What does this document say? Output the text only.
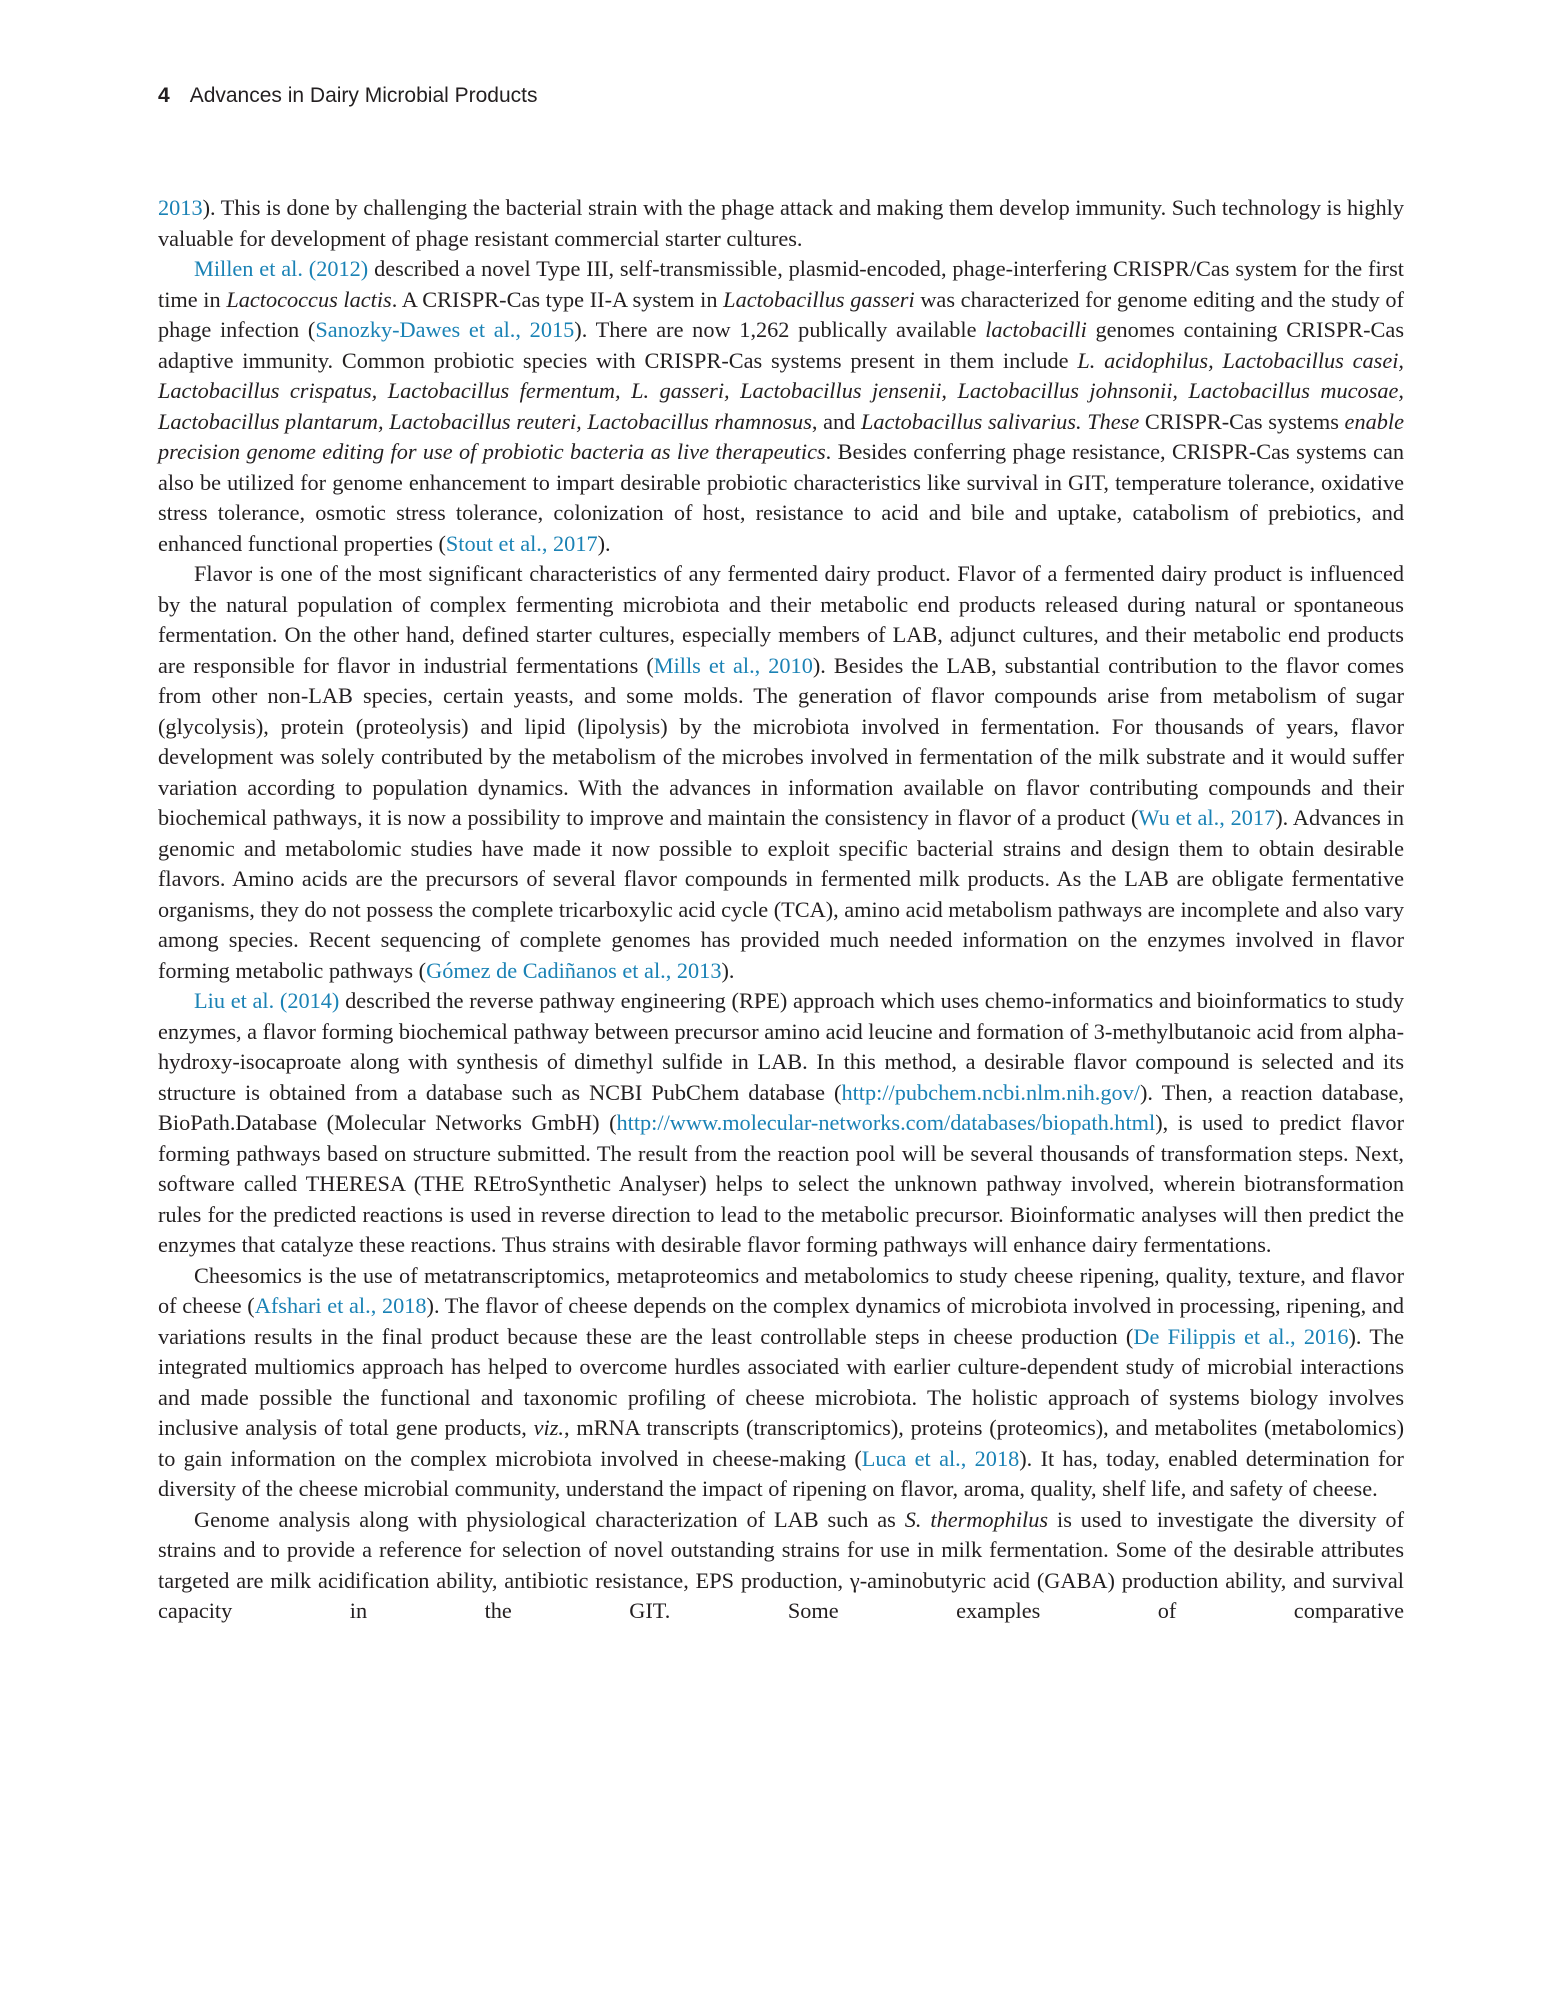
4 Advances in Dairy Microbial Products

2013). This is done by challenging the bacterial strain with the phage attack and making them develop immunity. Such technology is highly valuable for development of phage resistant commercial starter cultures.

Millen et al. (2012) described a novel Type III, self-transmissible, plasmid-encoded, phage-interfering CRISPR/Cas system for the first time in Lactococcus lactis. A CRISPR-Cas type II-A system in Lactobacillus gasseri was characterized for genome editing and the study of phage infection (Sanozky-Dawes et al., 2015). There are now 1,262 publically available lactobacilli genomes containing CRISPR-Cas adaptive immunity. Common probiotic species with CRISPR-Cas systems present in them include L. acidophilus, Lactobacillus casei, Lactobacillus crispatus, Lactobacillus fermentum, L. gasseri, Lactobacillus jensenii, Lactobacillus johnsonii, Lactobacillus mucosae, Lactobacillus plantarum, Lactobacillus reuteri, Lactobacillus rhamnosus, and Lactobacillus salivarius. These CRISPR-Cas systems enable precision genome editing for use of probiotic bacteria as live therapeutics. Besides conferring phage resistance, CRISPR-Cas systems can also be utilized for genome enhancement to impart desirable probiotic characteristics like survival in GIT, temperature tolerance, oxidative stress tolerance, osmotic stress tolerance, colonization of host, resistance to acid and bile and uptake, catabolism of prebiotics, and enhanced functional properties (Stout et al., 2017).

Flavor is one of the most significant characteristics of any fermented dairy product. Flavor of a fermented dairy product is influenced by the natural population of complex fermenting microbiota and their metabolic end products released during natural or spontaneous fermentation. On the other hand, defined starter cultures, especially members of LAB, adjunct cultures, and their metabolic end products are responsible for flavor in industrial fermentations (Mills et al., 2010). Besides the LAB, substantial contribution to the flavor comes from other non-LAB species, certain yeasts, and some molds. The generation of flavor compounds arise from metabolism of sugar (glycolysis), protein (proteolysis) and lipid (lipolysis) by the microbiota involved in fermentation. For thousands of years, flavor development was solely contributed by the metabolism of the microbes involved in fermentation of the milk substrate and it would suffer variation according to population dynamics. With the advances in information available on flavor contributing compounds and their biochemical pathways, it is now a possibility to improve and maintain the consistency in flavor of a product (Wu et al., 2017). Advances in genomic and metabolomic studies have made it now possible to exploit specific bacterial strains and design them to obtain desirable flavors. Amino acids are the precursors of several flavor compounds in fermented milk products. As the LAB are obligate fermentative organisms, they do not possess the complete tricarboxylic acid cycle (TCA), amino acid metabolism pathways are incomplete and also vary among species. Recent sequencing of complete genomes has provided much needed information on the enzymes involved in flavor forming metabolic pathways (Gómez de Cadiñanos et al., 2013).

Liu et al. (2014) described the reverse pathway engineering (RPE) approach which uses chemo-informatics and bioinformatics to study enzymes, a flavor forming biochemical pathway between precursor amino acid leucine and formation of 3-methylbutanoic acid from alpha-hydroxy-isocaproate along with synthesis of dimethyl sulfide in LAB. In this method, a desirable flavor compound is selected and its structure is obtained from a database such as NCBI PubChem database (http://pubchem.ncbi.nlm.nih.gov/). Then, a reaction database, BioPath.Database (Molecular Networks GmbH) (http://www.molecular-networks.com/databases/biopath.html), is used to predict flavor forming pathways based on structure submitted. The result from the reaction pool will be several thousands of transformation steps. Next, software called THERESA (THE REtroSynthetic Analyser) helps to select the unknown pathway involved, wherein biotransformation rules for the predicted reactions is used in reverse direction to lead to the metabolic precursor. Bioinformatic analyses will then predict the enzymes that catalyze these reactions. Thus strains with desirable flavor forming pathways will enhance dairy fermentations.

Cheesomics is the use of metatranscriptomics, metaproteomics and metabolomics to study cheese ripening, quality, texture, and flavor of cheese (Afshari et al., 2018). The flavor of cheese depends on the complex dynamics of microbiota involved in processing, ripening, and variations results in the final product because these are the least controllable steps in cheese production (De Filippis et al., 2016). The integrated multiomics approach has helped to overcome hurdles associated with earlier culture-dependent study of microbial interactions and made possible the functional and taxonomic profiling of cheese microbiota. The holistic approach of systems biology involves inclusive analysis of total gene products, viz., mRNA transcripts (transcriptomics), proteins (proteomics), and metabolites (metabolomics) to gain information on the complex microbiota involved in cheese-making (Luca et al., 2018). It has, today, enabled determination for diversity of the cheese microbial community, understand the impact of ripening on flavor, aroma, quality, shelf life, and safety of cheese.

Genome analysis along with physiological characterization of LAB such as S. thermophilus is used to investigate the diversity of strains and to provide a reference for selection of novel outstanding strains for use in milk fermentation. Some of the desirable attributes targeted are milk acidification ability, antibiotic resistance, EPS production, γ-aminobutyric acid (GABA) production ability, and survival capacity in the GIT. Some examples of comparative
